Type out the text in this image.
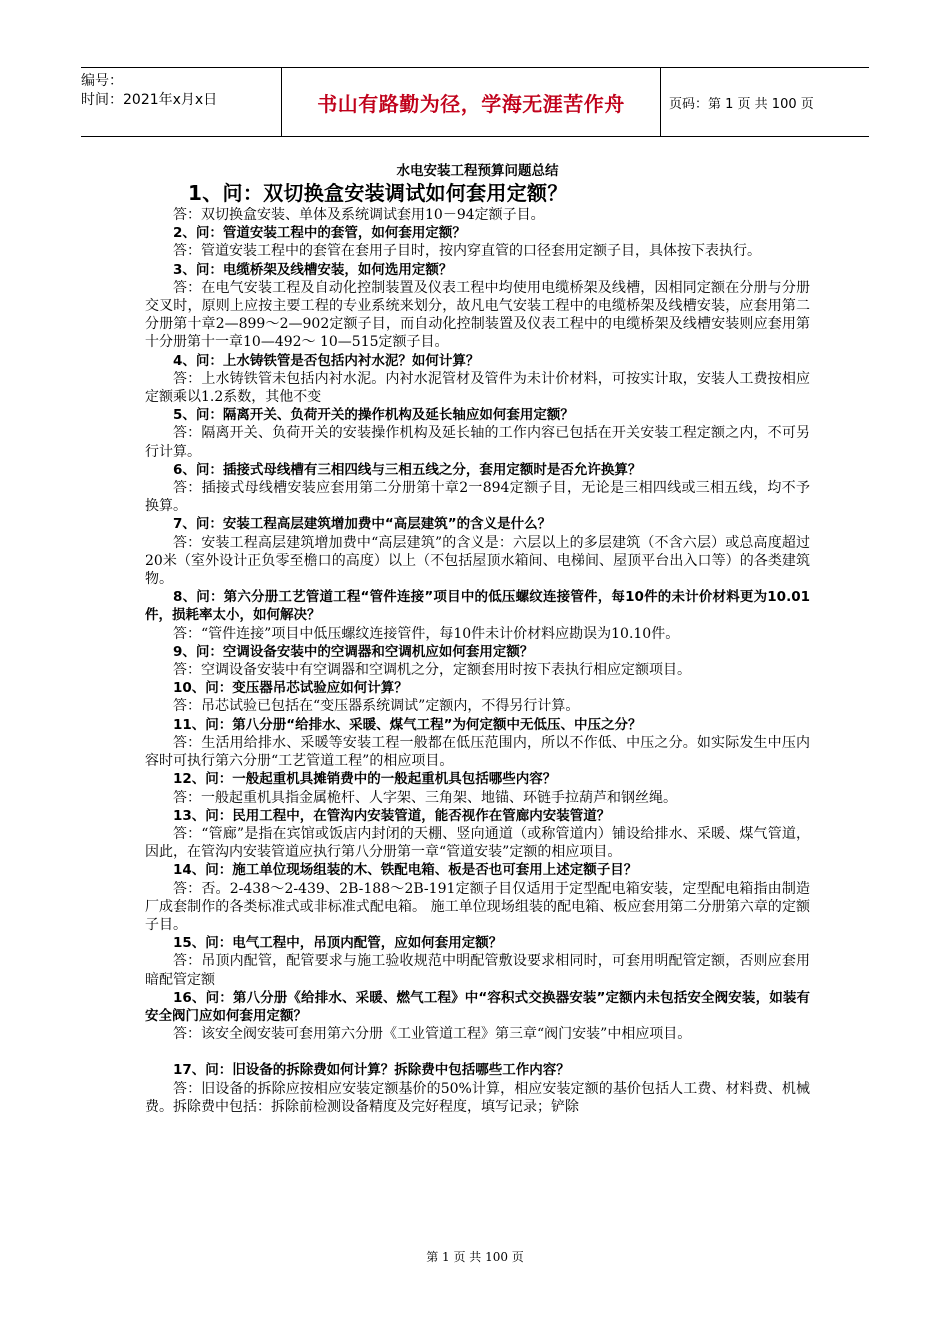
编号：
时间：2021年x月x日	书山有路勤为径，学海无涯苦作舟	页码：第 1 页 共 100 页
水电安装工程预算问题总结
1、问：双切换盒安装调试如何套用定额？

答：双切换盒安装、单体及系统调试套用10－94定额子目。

2、问：管道安装工程中的套管，如何套用定额？

答：管道安装工程中的套管在套用子目时，按内穿直管的口径套用定额子目，具体按下表执行。

3、问：电缆桥架及线槽安装，如何选用定额？

答：在电气安装工程及自动化控制装置及仪表工程中均使用电缆桥架及线槽，因相同定额在分册与分册交叉时，原则上应按主要工程的专业系统来划分，故凡电气安装工程中的电缆桥架及线槽安装，应套用第二分册第十章2—899～2—902定额子目，而自动化控制装置及仪表工程中的电缆桥架及线槽安装则应套用第十分册第十一章10—492～ 10—515定额子目。

4、问：上水铸铁管是否包括内衬水泥？如何计算？

答：上水铸铁管未包括内衬水泥。内衬水泥管材及管件为未计价材料，可按实计取，安装人工费按相应定额乘以1.2系数，其他不变

5、问：隔离开关、负荷开关的操作机构及延长轴应如何套用定额？

答：隔离开关、负荷开关的安装操作机构及延长轴的工作内容已包括在开关安装工程定额之内，不可另行计算。

6、问：插接式母线槽有三相四线与三相五线之分，套用定额时是否允许换算？

答：插接式母线槽安装应套用第二分册第十章2一894定额子目，无论是三相四线或三相五线，均不予换算。

7、问：安装工程高层建筑增加费中“高层建筑”的含义是什么？

答：安装工程高层建筑增加费中“高层建筑”的含义是：六层以上的多层建筑（不含六层）或总高度超过20米（室外设计正负零至檐口的高度）以上（不包括屋顶水箱间、电梯间、屋顶平台出入口等）的各类建筑物。

8、问：第六分册工艺管道工程“管件连接”项目中的低压螺纹连接管件，每10件的未计价材料更为10.01件，损耗率太小，如何解决？

答：“管件连接”项目中低压螺纹连接管件，每10件未计价材料应勘误为10.10件。

9、问：空调设备安装中的空调器和空调机应如何套用定额？

答：空调设备安装中有空调器和空调机之分，定额套用时按下表执行相应定额项目。

10、问：变压器吊芯试验应如何计算？

答：吊芯试验已包括在“变压器系统调试”定额内，不得另行计算。

11、问：第八分册“给排水、采暖、煤气工程”为何定额中无低压、中压之分？

答：生活用给排水、采暖等安装工程一般都在低压范围内，所以不作低、中压之分。如实际发生中压内容时可执行第六分册“工艺管道工程”的相应项目。

12、问：一般起重机具摊销费中的一般起重机具包括哪些内容？

答：一般起重机具指金属桅杆、人字架、三角架、地锚、环链手拉葫芦和钢丝绳。

13、问：民用工程中，在管沟内安装管道，能否视作在管廊内安装管道？

答：“管廊”是指在宾馆或饭店内封闭的天棚、竖向通道（或称管道内）铺设给排水、采暖、煤气管道，因此，在管沟内安装管道应执行第八分册第一章“管道安装”定额的相应项目。

14、问：施工单位现场组装的木、铁配电箱、板是否也可套用上述定额子目？

答：否。2-438～2-439、2B-188～2B-191定额子目仅适用于定型配电箱安装，定型配电箱指由制造厂成套制作的各类标准式或非标准式配电箱。 施工单位现场组装的配电箱、板应套用第二分册第六章的定额子目。

15、问：电气工程中，吊顶内配管，应如何套用定额？

答：吊顶内配管，配管要求与施工验收规范中明配管敷设要求相同时，可套用明配管定额，否则应套用暗配管定额

16、问：第八分册《给排水、采暖、燃气工程》中“容积式交换器安装”定额内未包括安全阀安装，如装有安全阀门应如何套用定额？

答：该安全阀安装可套用第六分册《工业管道工程》第三章“阀门安装”中相应项目。

17、问：旧设备的拆除费如何计算？拆除费中包括哪些工作内容？

答：旧设备的拆除应按相应安装定额基价的50%计算，相应安装定额的基价包括人工费、材料费、机械费。拆除费中包括：拆除前检测设备精度及完好程度，填写记录；铲除

第 1 页 共 100 页
